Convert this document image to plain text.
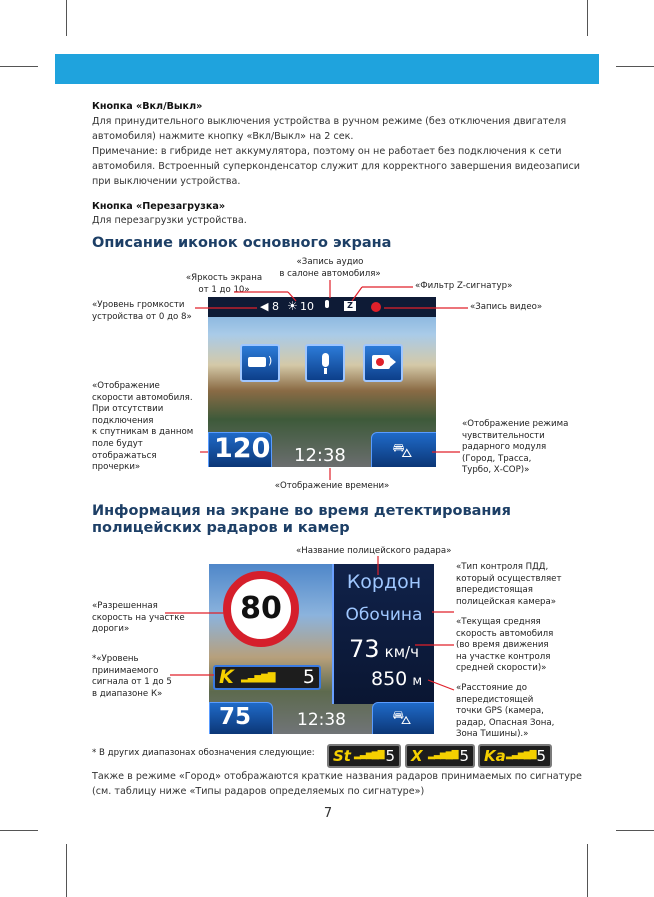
Кнопка «Вкл/Выкл»

Для принудительного выключения устройства в ручном режиме (без отключения двигателя

автомобиля) нажмите кнопку «Вкл/Выкл» на 2 сек.

Примечание: в гибриде нет аккумулятора, поэтому он не работает без подключения к сети

автомобиля. Встроенный суперконденсатор служит для корректного завершения видеозаписи

при выключении устройства.

Кнопка «Перезагрузка»

Для перезагрузки устройства.

Описание иконок основного экрана

◀ 8 ☀ 10	Z
)
120 12:38 ⛍
«Запись аудио
в салоне автомобиля»
«Яркость экрана
от 1 до 10»	«Фильтр Z-сигнатур»
«Уровень громкости
устройства от 0 до 8»
«Запись видео»
«Отображение
скорости автомобиля.
При отсутствии
подключения
к спутникам в данном
поле будут
отображаться
прочерки»
«Отображение режима
чувствительности
радарного модуля
(Город, Трасса,
Турбо, Х-СОР)»
«Отображение времени»

Информация на экране во время детектирования
полицейских радаров и камер

80
Кордон
Обочина
73 км/ч
850 м
K ▂▃▅▆▇ 5
75	12:38 ⛍
«Название полицейского радара»
«Тип контроля ПДД,
который осуществляет
впередистоящая
полицейская камера»
«Разрешенная
скорость на участке
дороги»
«Текущая средняя
скорость автомобиля
(во время движения
на участке контроля
средней скорости)»
*«Уровень
принимаемого
сигнала от 1 до 5
в диапазоне К»
«Расстояние до
впередистоящей
точки GPS (камера,
радар, Опасная Зона,
Зона Тишины).»
* В других диапазонах обозначения следующие: St ▂▃▅▆▇ 5 X ▂▃▅▆▇ 5 Ka ▂▃▅▆▇ 5

Также в режиме «Город» отображаются краткие названия радаров принимаемых по сигнатуре

(см. таблицу ниже «Типы радаров определяемых по сигнатуре»)

7
